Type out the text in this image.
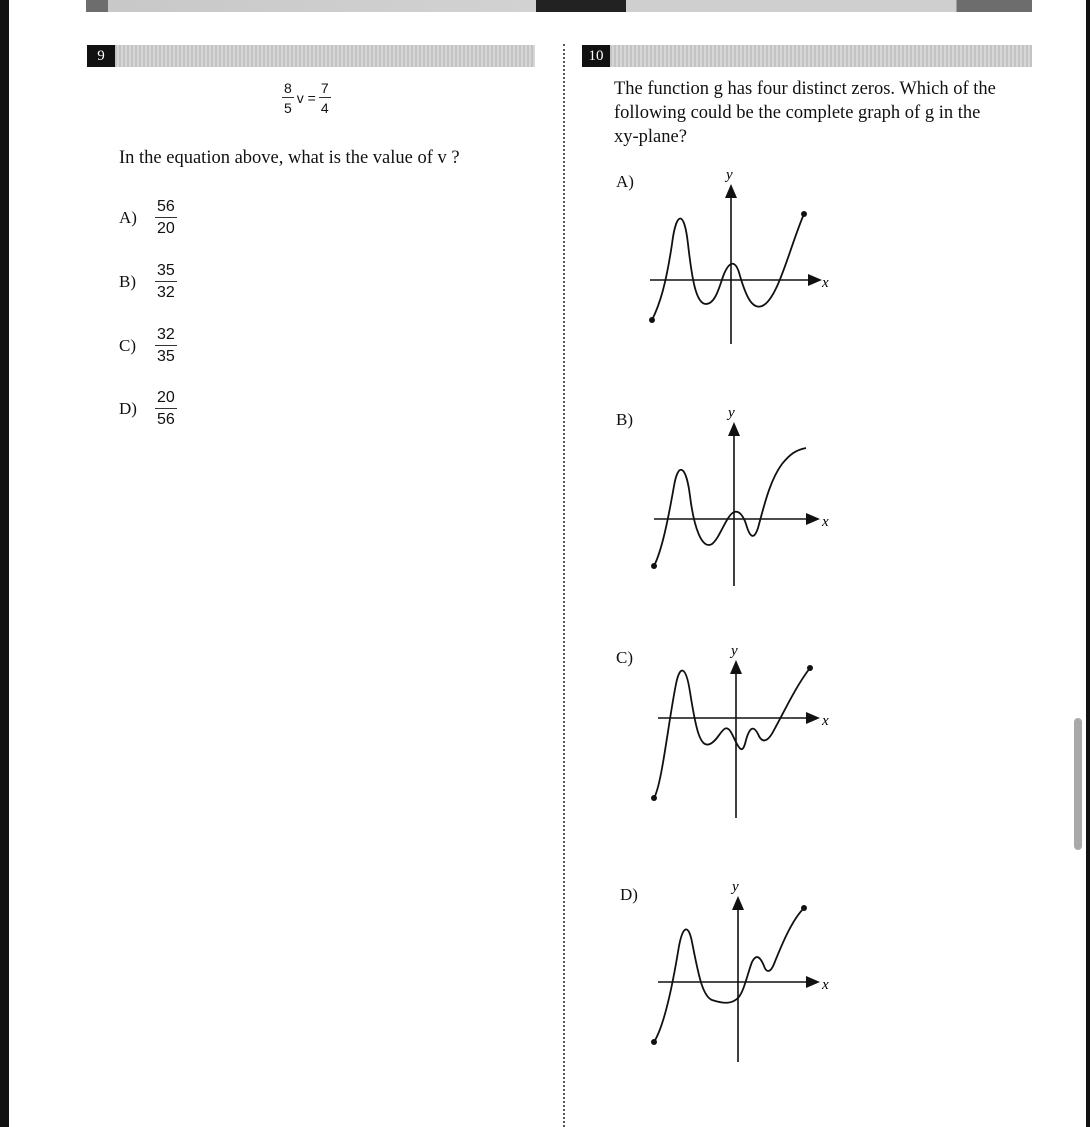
9
$\frac{8}{5}$ $v = \frac{7}{4}$
In the equation above, what is the value of v ?
$A) \frac{56}{20}$
$B) \frac{35}{32}$
$C) \frac{32}{35}$
$D) \frac{20}{56}$
10
The function g has four distinct zeros. Which of the
following could be the complete graph of g in the
xy-plane?
A)
x
y
B)
x
y
C)
x
y
D)
x
y
